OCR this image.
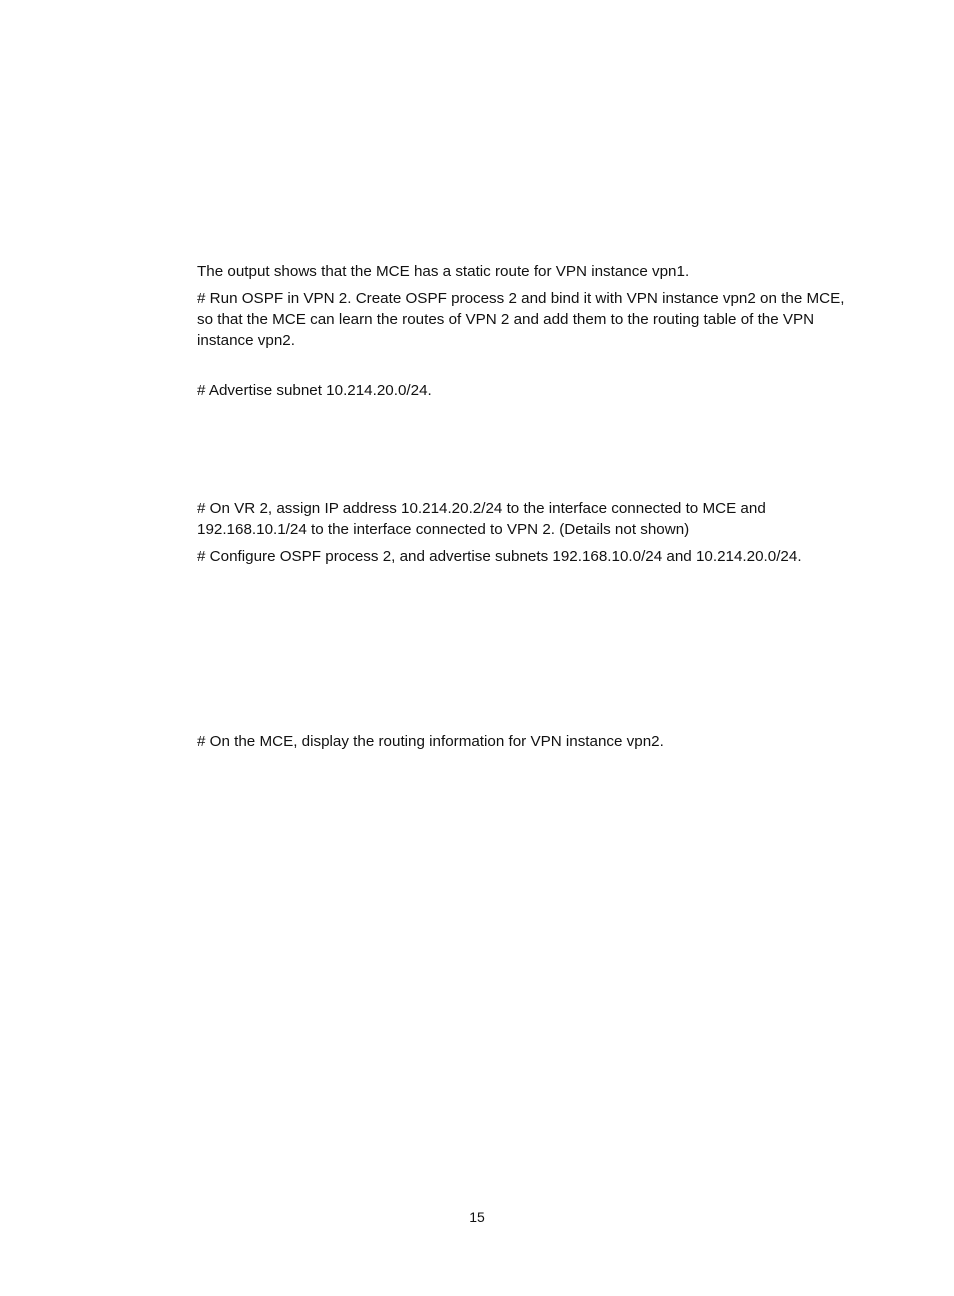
The output shows that the MCE has a static route for VPN instance vpn1.

# Run OSPF in VPN 2. Create OSPF process 2 and bind it with VPN instance vpn2 on the MCE,
so that the MCE can learn the routes of VPN 2 and add them to the routing table of the VPN
instance vpn2.

# Advertise subnet 10.214.20.0/24.

# On VR 2, assign IP address 10.214.20.2/24 to the interface connected to MCE and
192.168.10.1/24 to the interface connected to VPN 2. (Details not shown)

# Configure OSPF process 2, and advertise subnets 192.168.10.0/24 and 10.214.20.0/24.

# On the MCE, display the routing information for VPN instance vpn2.

15
